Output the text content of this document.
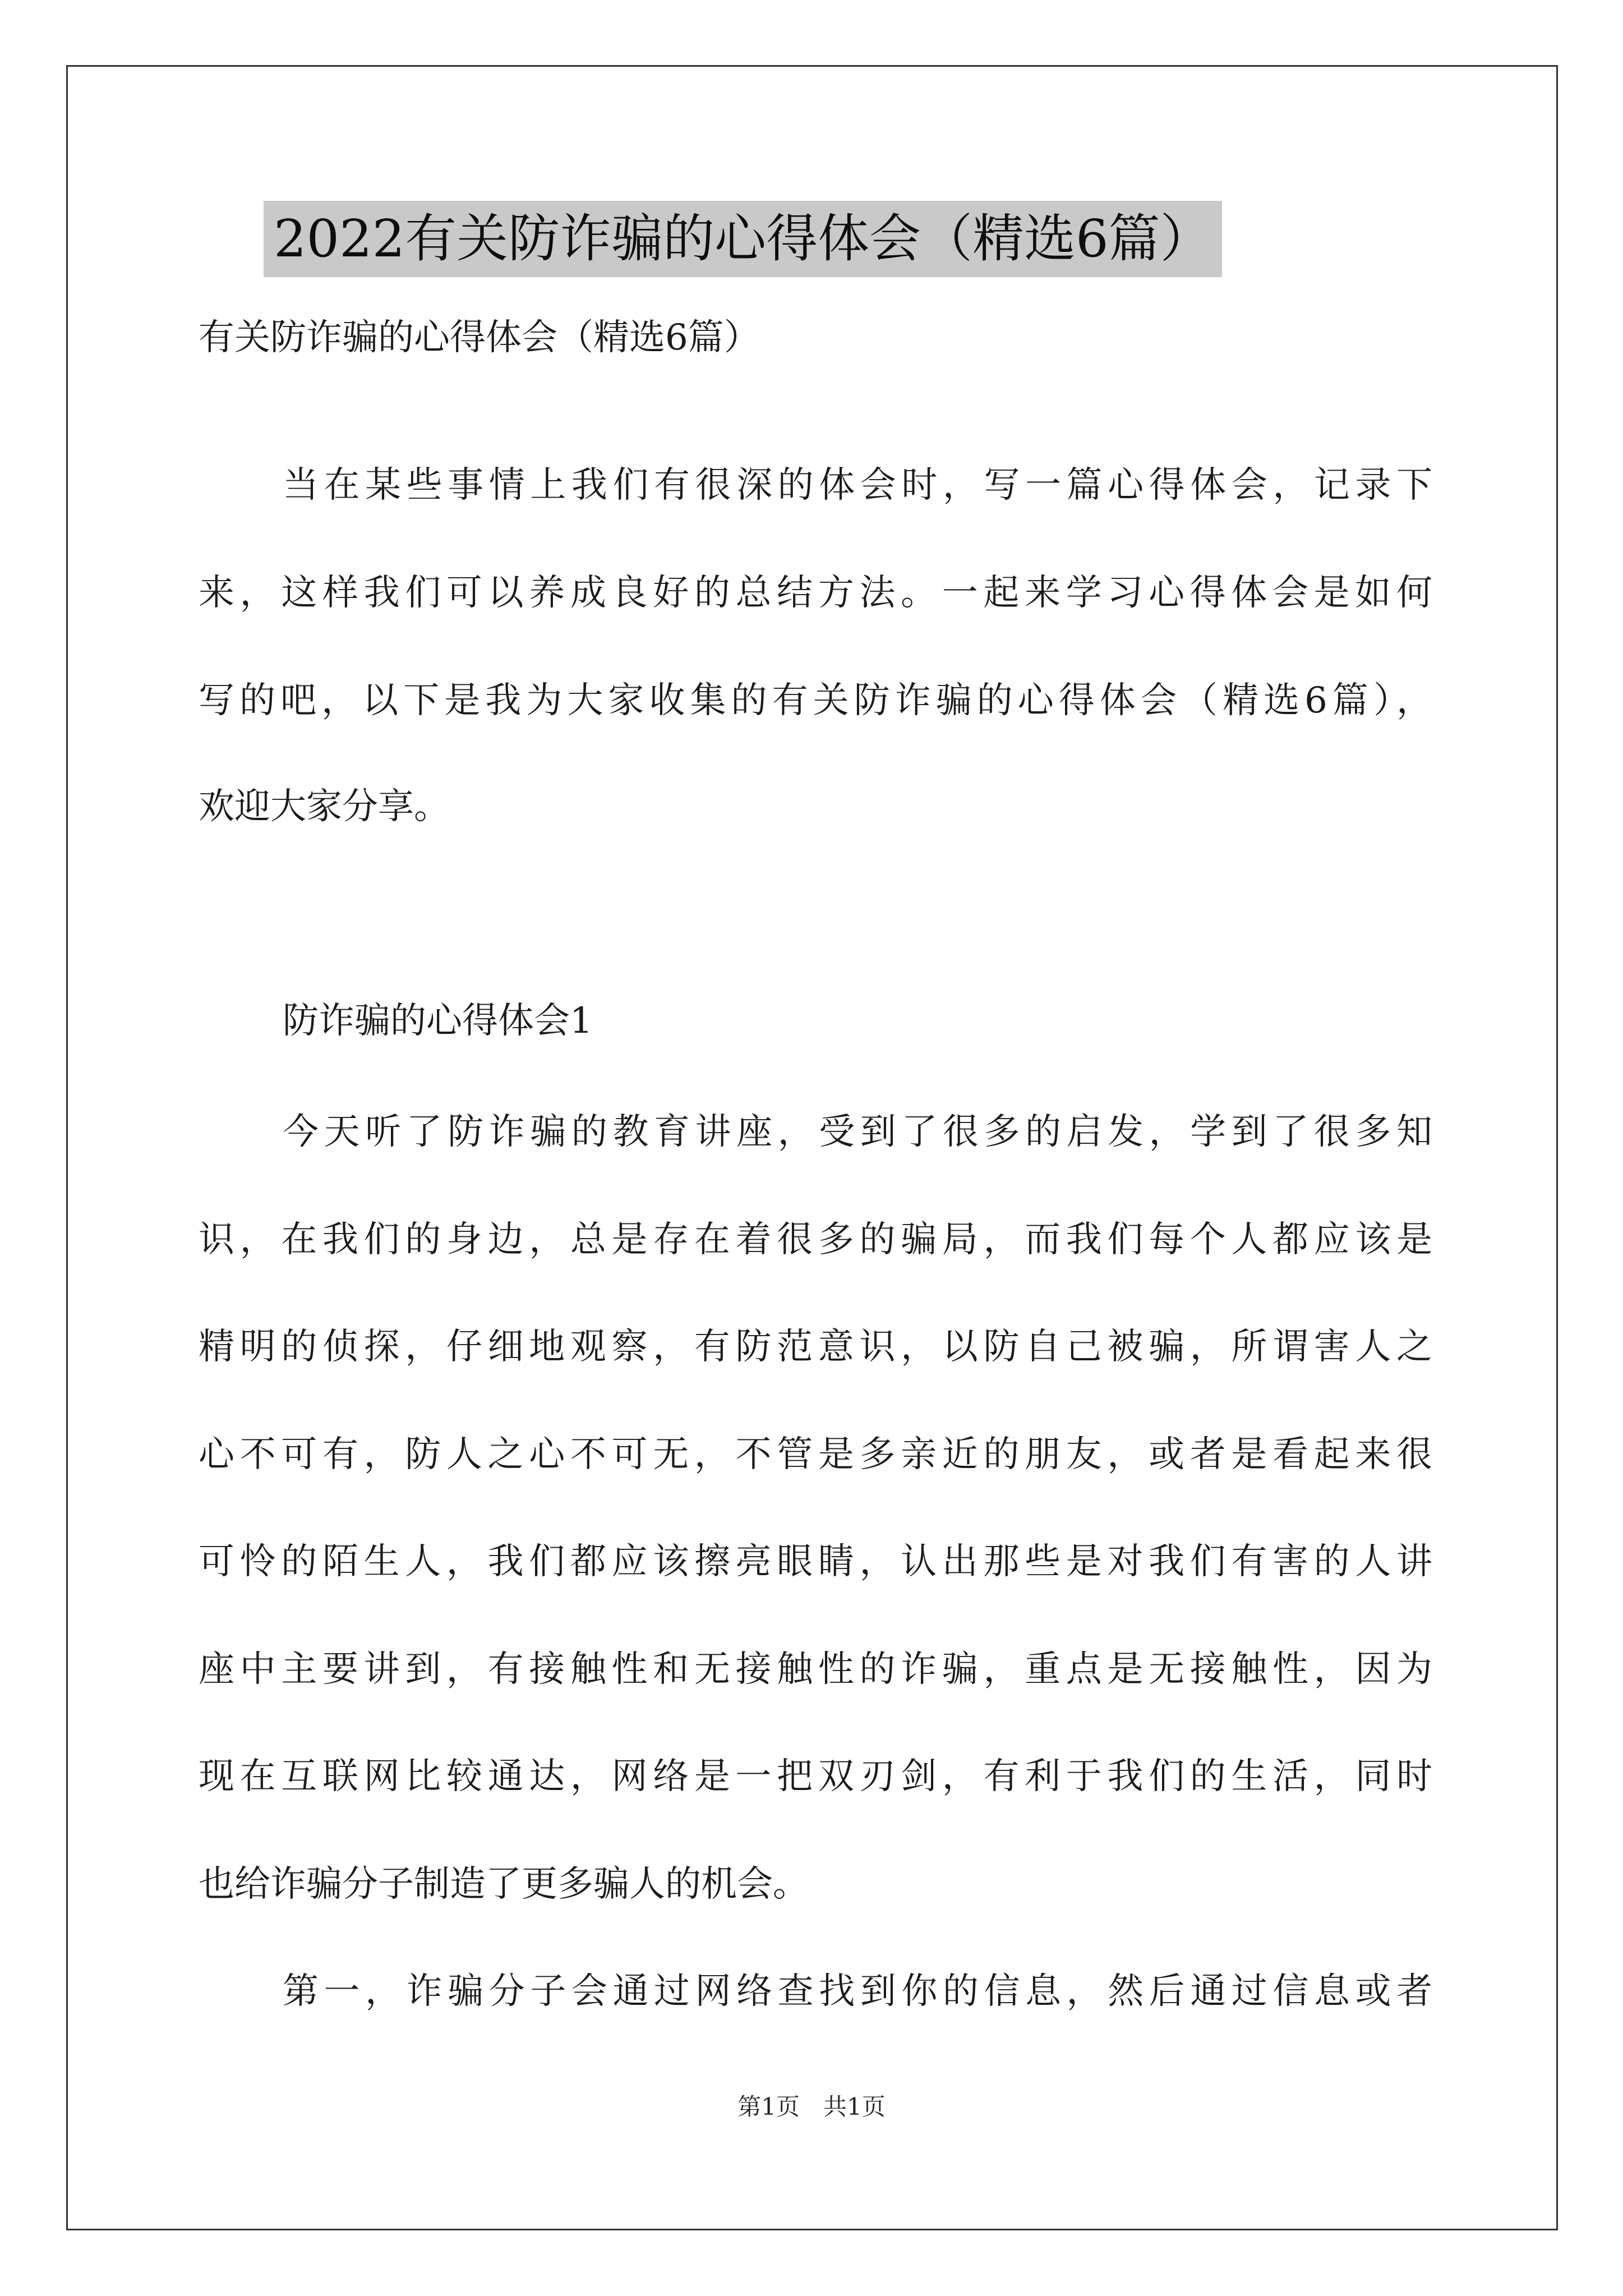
2022有关防诈骗的心得体会（精选6篇）
有关防诈骗的心得体会（精选6篇）
当在某些事情上我们有很深的体会时，写一篇心得体会，记录下
来，这样我们可以养成良好的总结方法。一起来学习心得体会是如何
写的吧，以下是我为大家收集的有关防诈骗的心得体会（精选6篇），
欢迎大家分享。
防诈骗的心得体会1
今天听了防诈骗的教育讲座，受到了很多的启发，学到了很多知
识，在我们的身边，总是存在着很多的骗局，而我们每个人都应该是
精明的侦探，仔细地观察，有防范意识，以防自己被骗，所谓害人之
心不可有，防人之心不可无，不管是多亲近的朋友，或者是看起来很
可怜的陌生人，我们都应该擦亮眼睛，认出那些是对我们有害的人讲
座中主要讲到，有接触性和无接触性的诈骗，重点是无接触性，因为
现在互联网比较通达，网络是一把双刃剑，有利于我们的生活，同时
也给诈骗分子制造了更多骗人的机会。
第一，诈骗分子会通过网络查找到你的信息，然后通过信息或者
第1页　共1页
